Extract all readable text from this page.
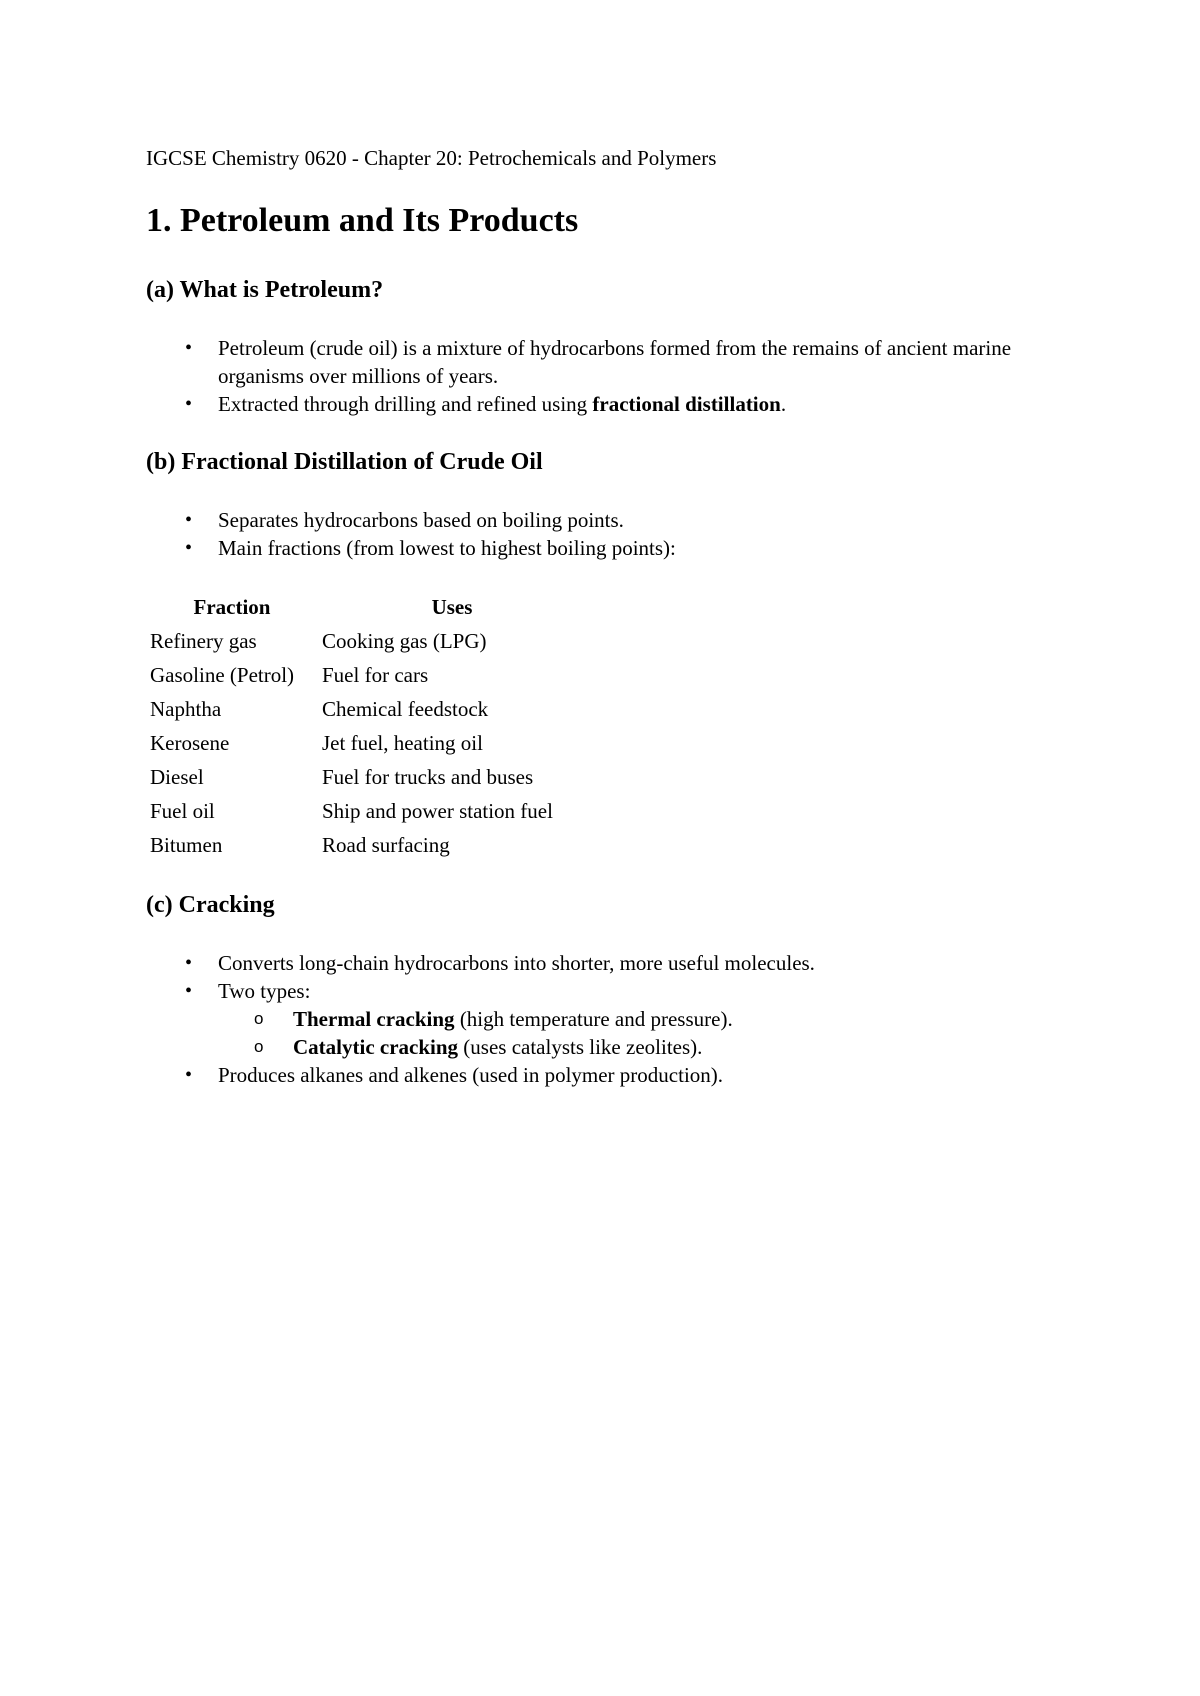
IGCSE Chemistry 0620 - Chapter 20: Petrochemicals and Polymers
1. Petroleum and Its Products
(a) What is Petroleum?
• Petroleum (crude oil) is a mixture of hydrocarbons formed from the remains of ancient marine organisms over millions of years.
• Extracted through drilling and refined using fractional distillation.
(b) Fractional Distillation of Crude Oil
• Separates hydrocarbons based on boiling points.
• Main fractions (from lowest to highest boiling points):
Fraction	Uses
Refinery gas	Cooking gas (LPG)
Gasoline (Petrol)	Fuel for cars
Naphtha	Chemical feedstock
Kerosene	Jet fuel, heating oil
Diesel	Fuel for trucks and buses
Fuel oil	Ship and power station fuel
Bitumen	Road surfacing
(c) Cracking
• Converts long-chain hydrocarbons into shorter, more useful molecules.
• Two types:
o Thermal cracking (high temperature and pressure).
o Catalytic cracking (uses catalysts like zeolites).
• Produces alkanes and alkenes (used in polymer production).
